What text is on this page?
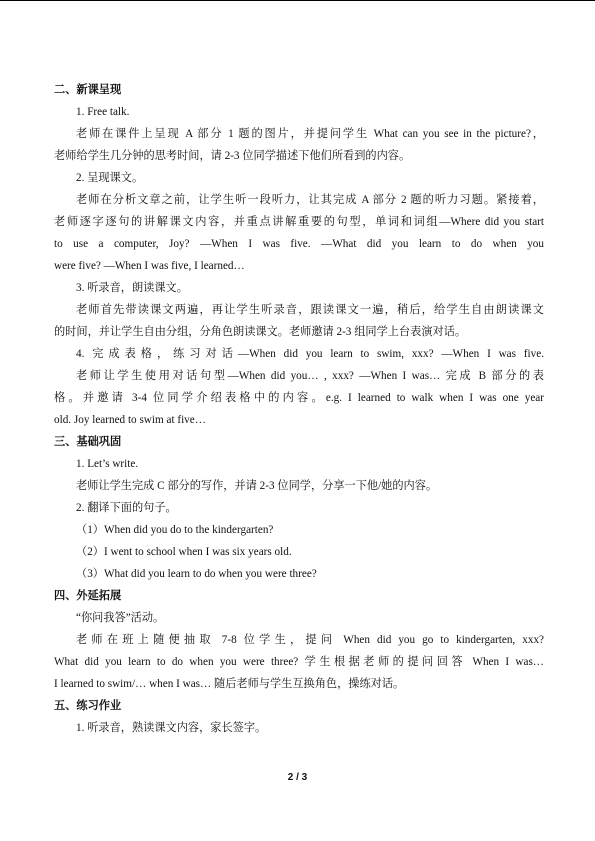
二、新课呈现
1. Free talk.
老师在课件上呈现 A 部分 1 题的图片，并提问学生 What can you see in the picture?，
老师给学生几分钟的思考时间，请 2-3 位同学描述下他们所看到的内容。
2. 呈现课文。
老师在分析文章之前，让学生听一段听力，让其完成 A 部分 2 题的听力习题。紧接着，
老师逐字逐句的讲解课文内容，并重点讲解重要的句型，单词和词组—Where did you start
to use a computer, Joy? —When I was five. —What did you learn to do when you
were five? —When I was five, I learned…
3. 听录音，朗读课文。
老师首先带读课文两遍，再让学生听录音，跟读课文一遍，稍后，给学生自由朗读课文
的时间，并让学生自由分组，分角色朗读课文。老师邀请 2-3 组同学上台表演对话。
4. 完成表格，练习对话—When did you learn to swim, xxx? —When I was five.
老师让学生使用对话句型—When did you… , xxx? —When I was… 完成 B 部分的表
格。并邀请 3-4 位同学介绍表格中的内容。e.g. I learned to walk when I was one year
old. Joy learned to swim at five…
三、基础巩固
1. Let’s write.
老师让学生完成 C 部分的写作，并请 2-3 位同学，分享一下他/她的内容。
2. 翻译下面的句子。
（1）When did you do to the kindergarten?
（2）I went to school when I was six years old.
（3）What did you learn to do when you were three?
四、外延拓展
“你问我答”活动。
老师在班上随便抽取 7-8 位学生，提问 When did you go to kindergarten, xxx?
What did you learn to do when you were three? 学生根据老师的提问回答 When I was…
I learned to swim/… when I was… 随后老师与学生互换角色，操练对话。
五、练习作业
1. 听录音，熟读课文内容，家长签字。
2 / 3
